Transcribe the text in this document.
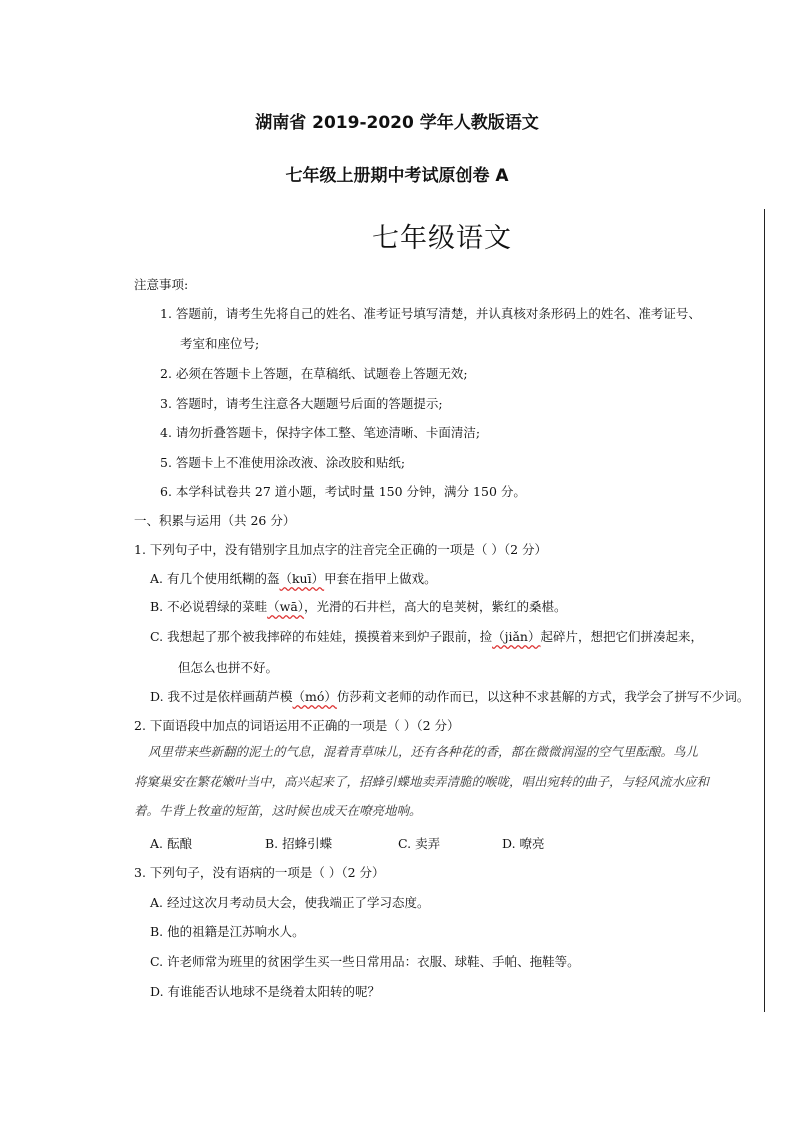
湖南省 2019-2020 学年人教版语文
七年级上册期中考试原创卷 A
七年级语文
注意事项:
1. 答题前，请考生先将自己的姓名、准考证号填写清楚，并认真核对条形码上的姓名、准考证号、
考室和座位号;
2. 必须在答题卡上答题，在草稿纸、试题卷上答题无效;
3. 答题时，请考生注意各大题题号后面的答题提示;
4. 请勿折叠答题卡，保持字体工整、笔迹清晰、卡面清洁;
5. 答题卡上不准使用涂改液、涂改胶和贴纸;
6. 本学科试卷共 27 道小题，考试时量 150 分钟，满分 150 分。
一、积累与运用（共 26 分）
1. 下列句子中，没有错别字且加点字的注音完全正确的一项是（ ）（2 分）
A. 有几个使用纸糊的盔（kuī）甲套在指甲上做戏。
B. 不必说碧绿的菜畦（wā），光滑的石井栏，高大的皂荚树，紫红的桑椹。
C. 我想起了那个被我摔碎的布娃娃，摸摸着来到炉子跟前，捡（jiǎn）起碎片，想把它们拼凑起来，
但怎么也拼不好。
D. 我不过是依样画葫芦模（mó）仿莎莉文老师的动作而已，以这种不求甚解的方式，我学会了拼写不少词。
2. 下面语段中加点的词语运用不正确的一项是（ ）（2 分）
风里带来些新翻的泥土的气息，混着青草味儿，还有各种花的香，都在微微润湿的空气里酝酿。鸟儿
将窠巢安在繁花嫩叶当中，高兴起来了，招蜂引蝶地卖弄清脆的喉咙，唱出宛转的曲子，与轻风流水应和
着。牛背上牧童的短笛，这时候也成天在嘹亮地响。
A. 酝酿	B. 招蜂引蝶	C. 卖弄	D. 嘹亮
3. 下列句子，没有语病的一项是（ ）（2 分）
A. 经过这次月考动员大会，使我端正了学习态度。
B. 他的祖籍是江苏响水人。
C. 许老师常为班里的贫困学生买一些日常用品：衣服、球鞋、手帕、拖鞋等。
D. 有谁能否认地球不是绕着太阳转的呢？
